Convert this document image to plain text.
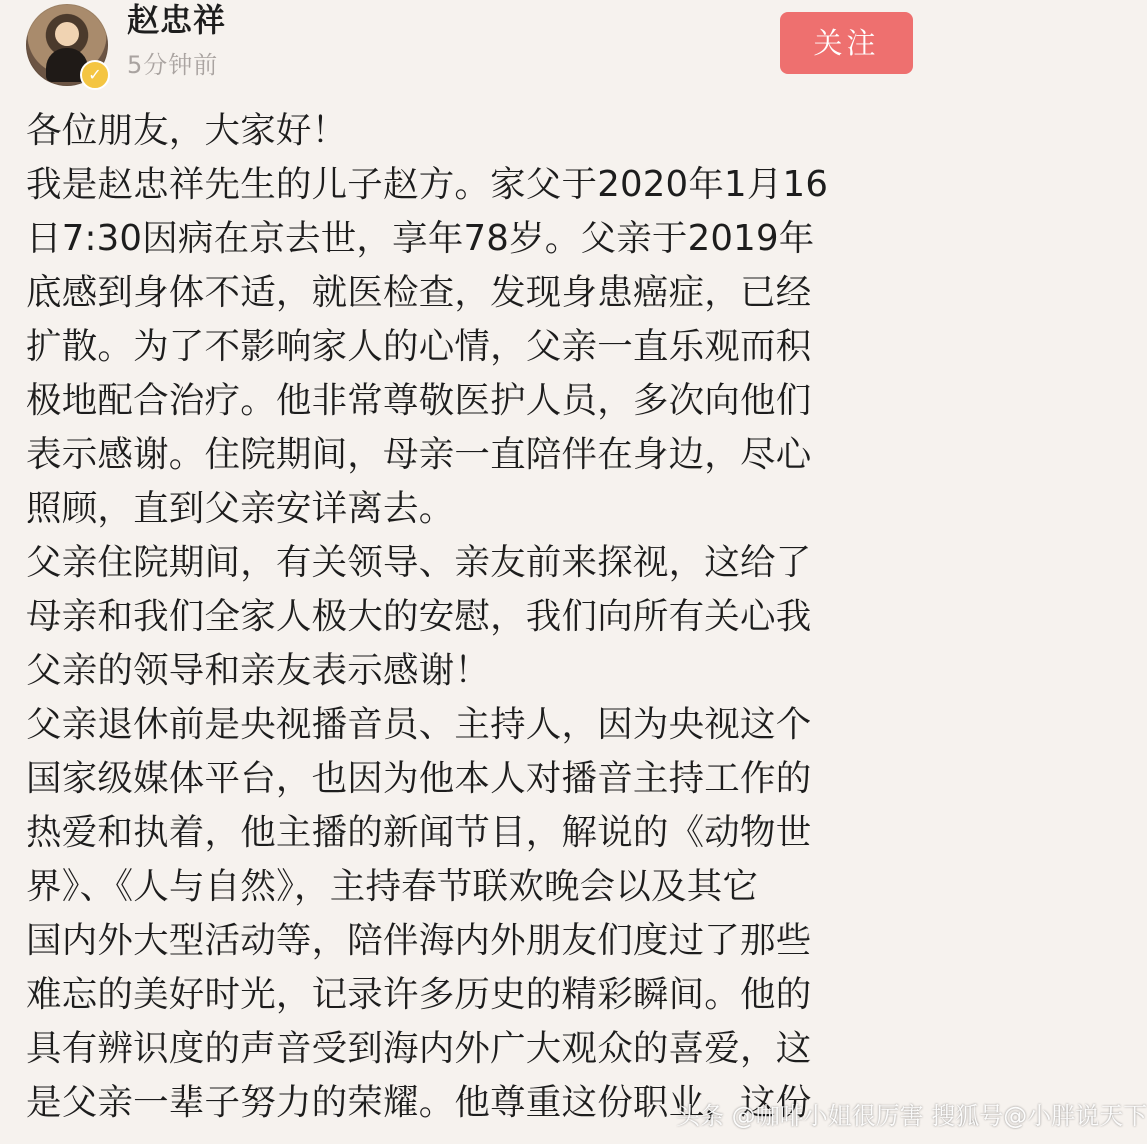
✓
赵忠祥
5分钟前
关注

各位朋友，大家好！

我是赵忠祥先生的儿子赵方。家父于2020年1月16

日7:30因病在京去世，享年78岁。父亲于2019年

底感到身体不适，就医检查，发现身患癌症，已经

扩散。为了不影响家人的心情，父亲一直乐观而积

极地配合治疗。他非常尊敬医护人员，多次向他们

表示感谢。住院期间，母亲一直陪伴在身边，尽心

照顾，直到父亲安详离去。

父亲住院期间，有关领导、亲友前来探视，这给了

母亲和我们全家人极大的安慰，我们向所有关心我

父亲的领导和亲友表示感谢！

父亲退休前是央视播音员、主持人，因为央视这个

国家级媒体平台，也因为他本人对播音主持工作的

热爱和执着，他主播的新闻节目，解说的《动物世

界》、《人与自然》，主持春节联欢晚会以及其它

国内外大型活动等，陪伴海内外朋友们度过了那些

难忘的美好时光，记录许多历史的精彩瞬间。他的

具有辨识度的声音受到海内外广大观众的喜爱，这

是父亲一辈子努力的荣耀。他尊重这份职业，这份

头条 @咖啡小姐很厉害 搜狐号@小胖说天下
